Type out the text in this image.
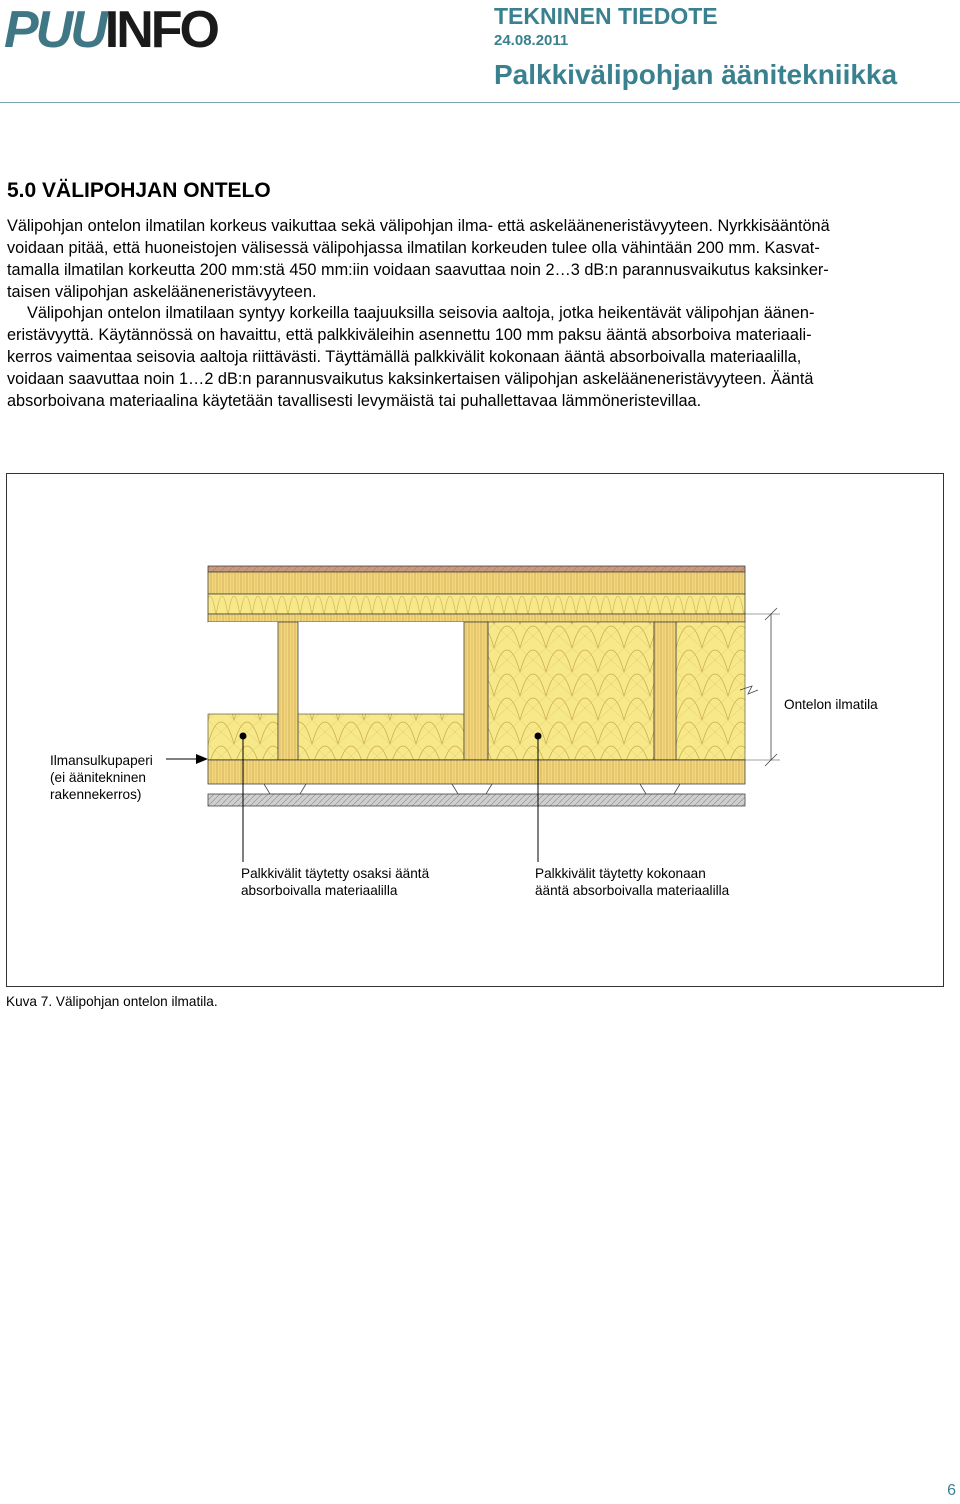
PUUINFO	TEKNINEN TIEDOTE
24.08.2011
Palkkivälipohjan äänitekniikka
5.0 VÄLIPOHJAN ONTELO

Välipohjan ontelon ilmatilan korkeus vaikuttaa sekä välipohjan ilma- että askelääneneristävyyteen. Nyrkkisääntönä
voidaan pitää, että huoneistojen välisessä välipohjassa ilmatilan korkeuden tulee olla vähintään 200 mm. Kasvat-
tamalla ilmatilan korkeutta 200 mm:stä 450 mm:iin voidaan saavuttaa noin 2…3 dB:n parannusvaikutus kaksinker-
taisen välipohjan askelääneneristävyyteen.

Välipohjan ontelon ilmatilaan syntyy korkeilla taajuuksilla seisovia aaltoja, jotka heikentävät välipohjan äänen-
eristävyyttä. Käytännössä on havaittu, että palkkiväleihin asennettu 100 mm paksu ääntä absorboiva materiaali-
kerros vaimentaa seisovia aaltoja riittävästi. Täyttämällä palkkivälit kokonaan ääntä absorboivalla materiaalilla,
voidaan saavuttaa noin 1…2 dB:n parannusvaikutus kaksinkertaisen välipohjan askelääneneristävyyteen. Ääntä
absorboivana materiaalina käytetään tavallisesti levymäistä tai puhallettavaa lämmöneristevillaa.

Ontelon ilmatila
Ilmansulkupaperi
(ei äänitekninen
rakennekerros)
Palkkivälit täytetty osaksi ääntä
absorboivalla materiaalilla
Palkkivälit täytetty kokonaan
ääntä absorboivalla materiaalilla
Kuva 7. Välipohjan ontelon ilmatila.
6
